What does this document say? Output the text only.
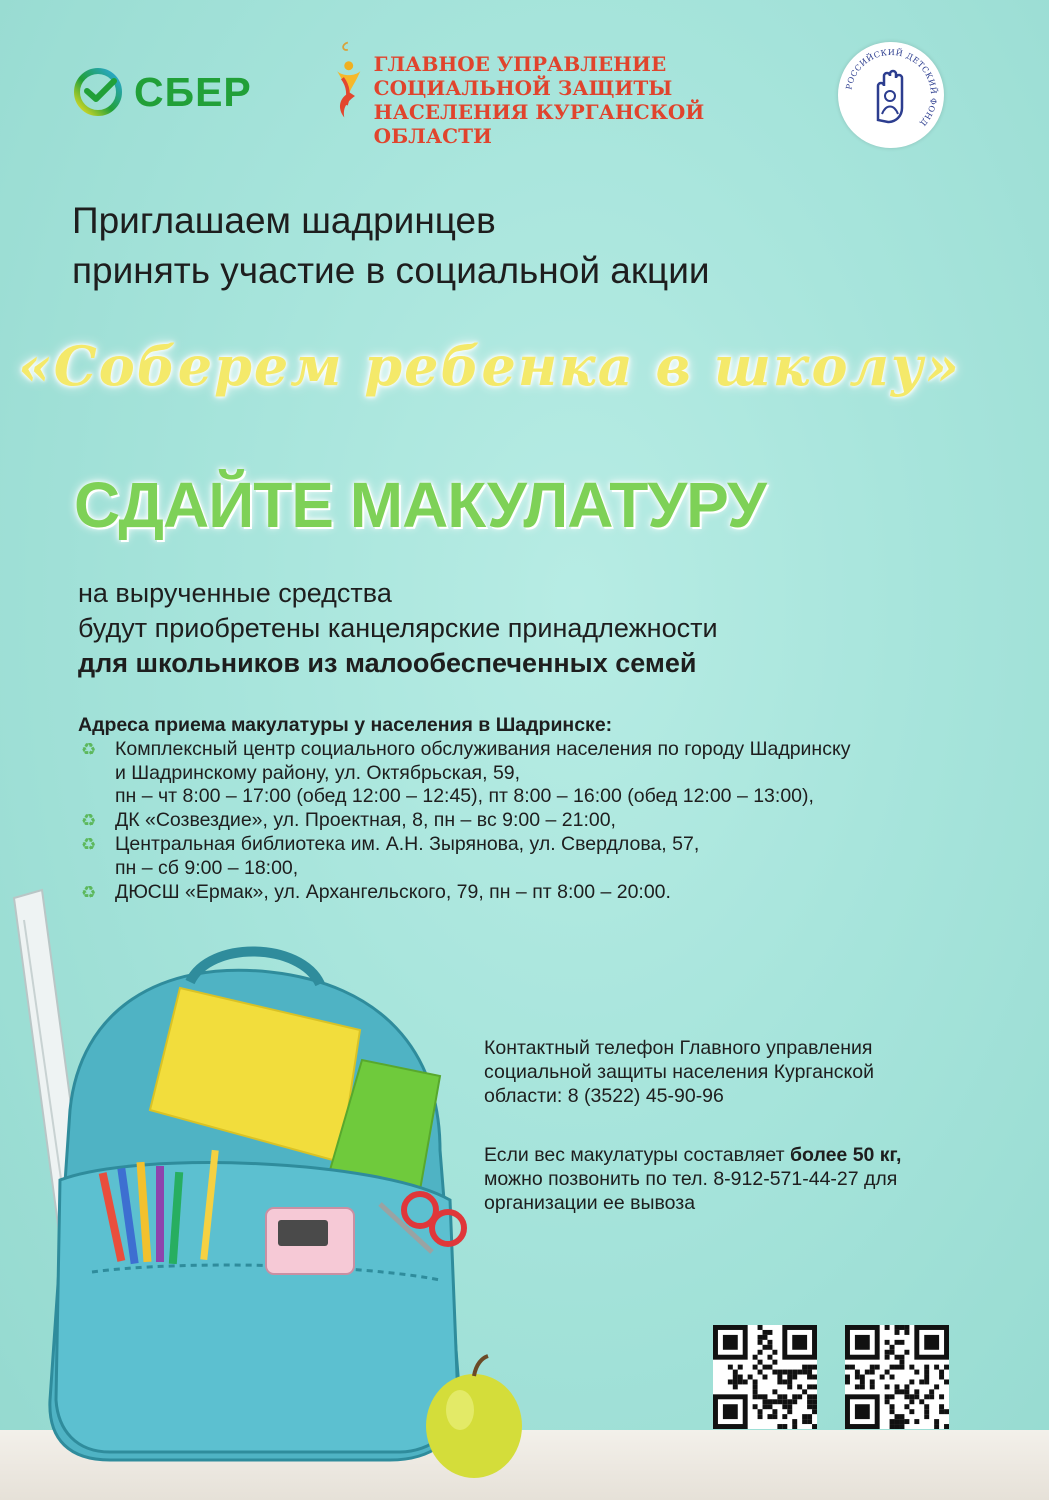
СБЕР
ГЛАВНОЕ УПРАВЛЕНИЕ
СОЦИАЛЬНОЙ ЗАЩИТЫ
НАСЕЛЕНИЯ КУРГАНСКОЙ ОБЛАСТИ
РОССИЙСКИЙ ДЕТСКИЙ ФОНД
Приглашаем шадринцев
принять участие в социальной акции
«Соберем ребенка в школу»
СДАЙТЕ МАКУЛАТУРУ
на вырученные средства
будут приобретены канцелярские принадлежности
для школьников из малообеспеченных семей
Адреса приема макулатуры у населения в Шадринске:
♻ Комплексный центр социального обслуживания населения по городу Шадринску
и Шадринскому району, ул. Октябрьская, 59,
пн – чт 8:00 – 17:00 (обед 12:00 – 12:45), пт 8:00 – 16:00 (обед 12:00 – 13:00),
♻ ДК «Созвездие», ул. Проектная, 8, пн – вс 9:00 – 21:00,
♻ Центральная библиотека им. А.Н. Зырянова, ул. Свердлова, 57,
пн – сб 9:00 – 18:00,
♻ ДЮСШ «Ермак», ул. Архангельского, 79, пн – пт 8:00 – 20:00.
Контактный телефон Главного управления
социальной защиты населения Курганской
области: 8 (3522) 45-90-96
Если вес макулатуры составляет более 50 кг,
можно позвонить по тел. 8-912-571-44-27 для
организации ее вывоза
